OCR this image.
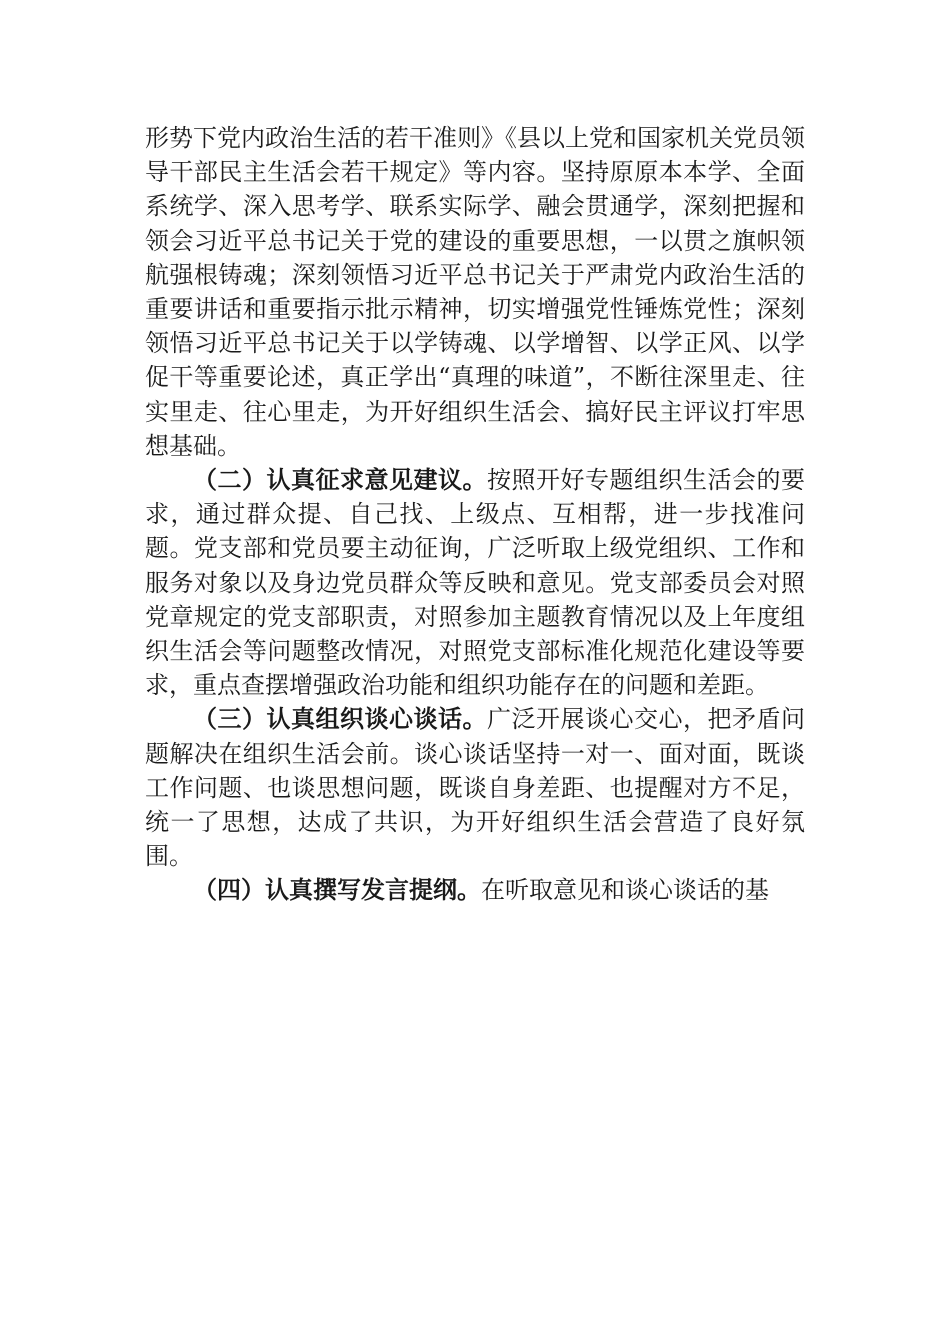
形势下党内政治生活的若干准则》《县以上党和国家机关党员领导干部民主生活会若干规定》等内容。坚持原原本本学、全面系统学、深入思考学、联系实际学、融会贯通学，深刻把握和领会习近平总书记关于党的建设的重要思想，一以贯之旗帜领航强根铸魂；深刻领悟习近平总书记关于严肃党内政治生活的重要讲话和重要指示批示精神，切实增强党性锤炼党性；深刻领悟习近平总书记关于以学铸魂、以学增智、以学正风、以学促干等重要论述，真正学出“真理的味道”，不断往深里走、往实里走、往心里走，为开好组织生活会、搞好民主评议打牢思想基础。

（二）认真征求意见建议。按照开好专题组织生活会的要求，通过群众提、自己找、上级点、互相帮，进一步找准问题。党支部和党员要主动征询，广泛听取上级党组织、工作和服务对象以及身边党员群众等反映和意见。党支部委员会对照党章规定的党支部职责，对照参加主题教育情况以及上年度组织生活会等问题整改情况，对照党支部标准化规范化建设等要求，重点查摆增强政治功能和组织功能存在的问题和差距。

（三）认真组织谈心谈话。广泛开展谈心交心，把矛盾问题解决在组织生活会前。谈心谈话坚持一对一、面对面，既谈工作问题、也谈思想问题，既谈自身差距、也提醒对方不足，统一了思想，达成了共识，为开好组织生活会营造了良好氛围。

（四）认真撰写发言提纲。在听取意见和谈心谈话的基
